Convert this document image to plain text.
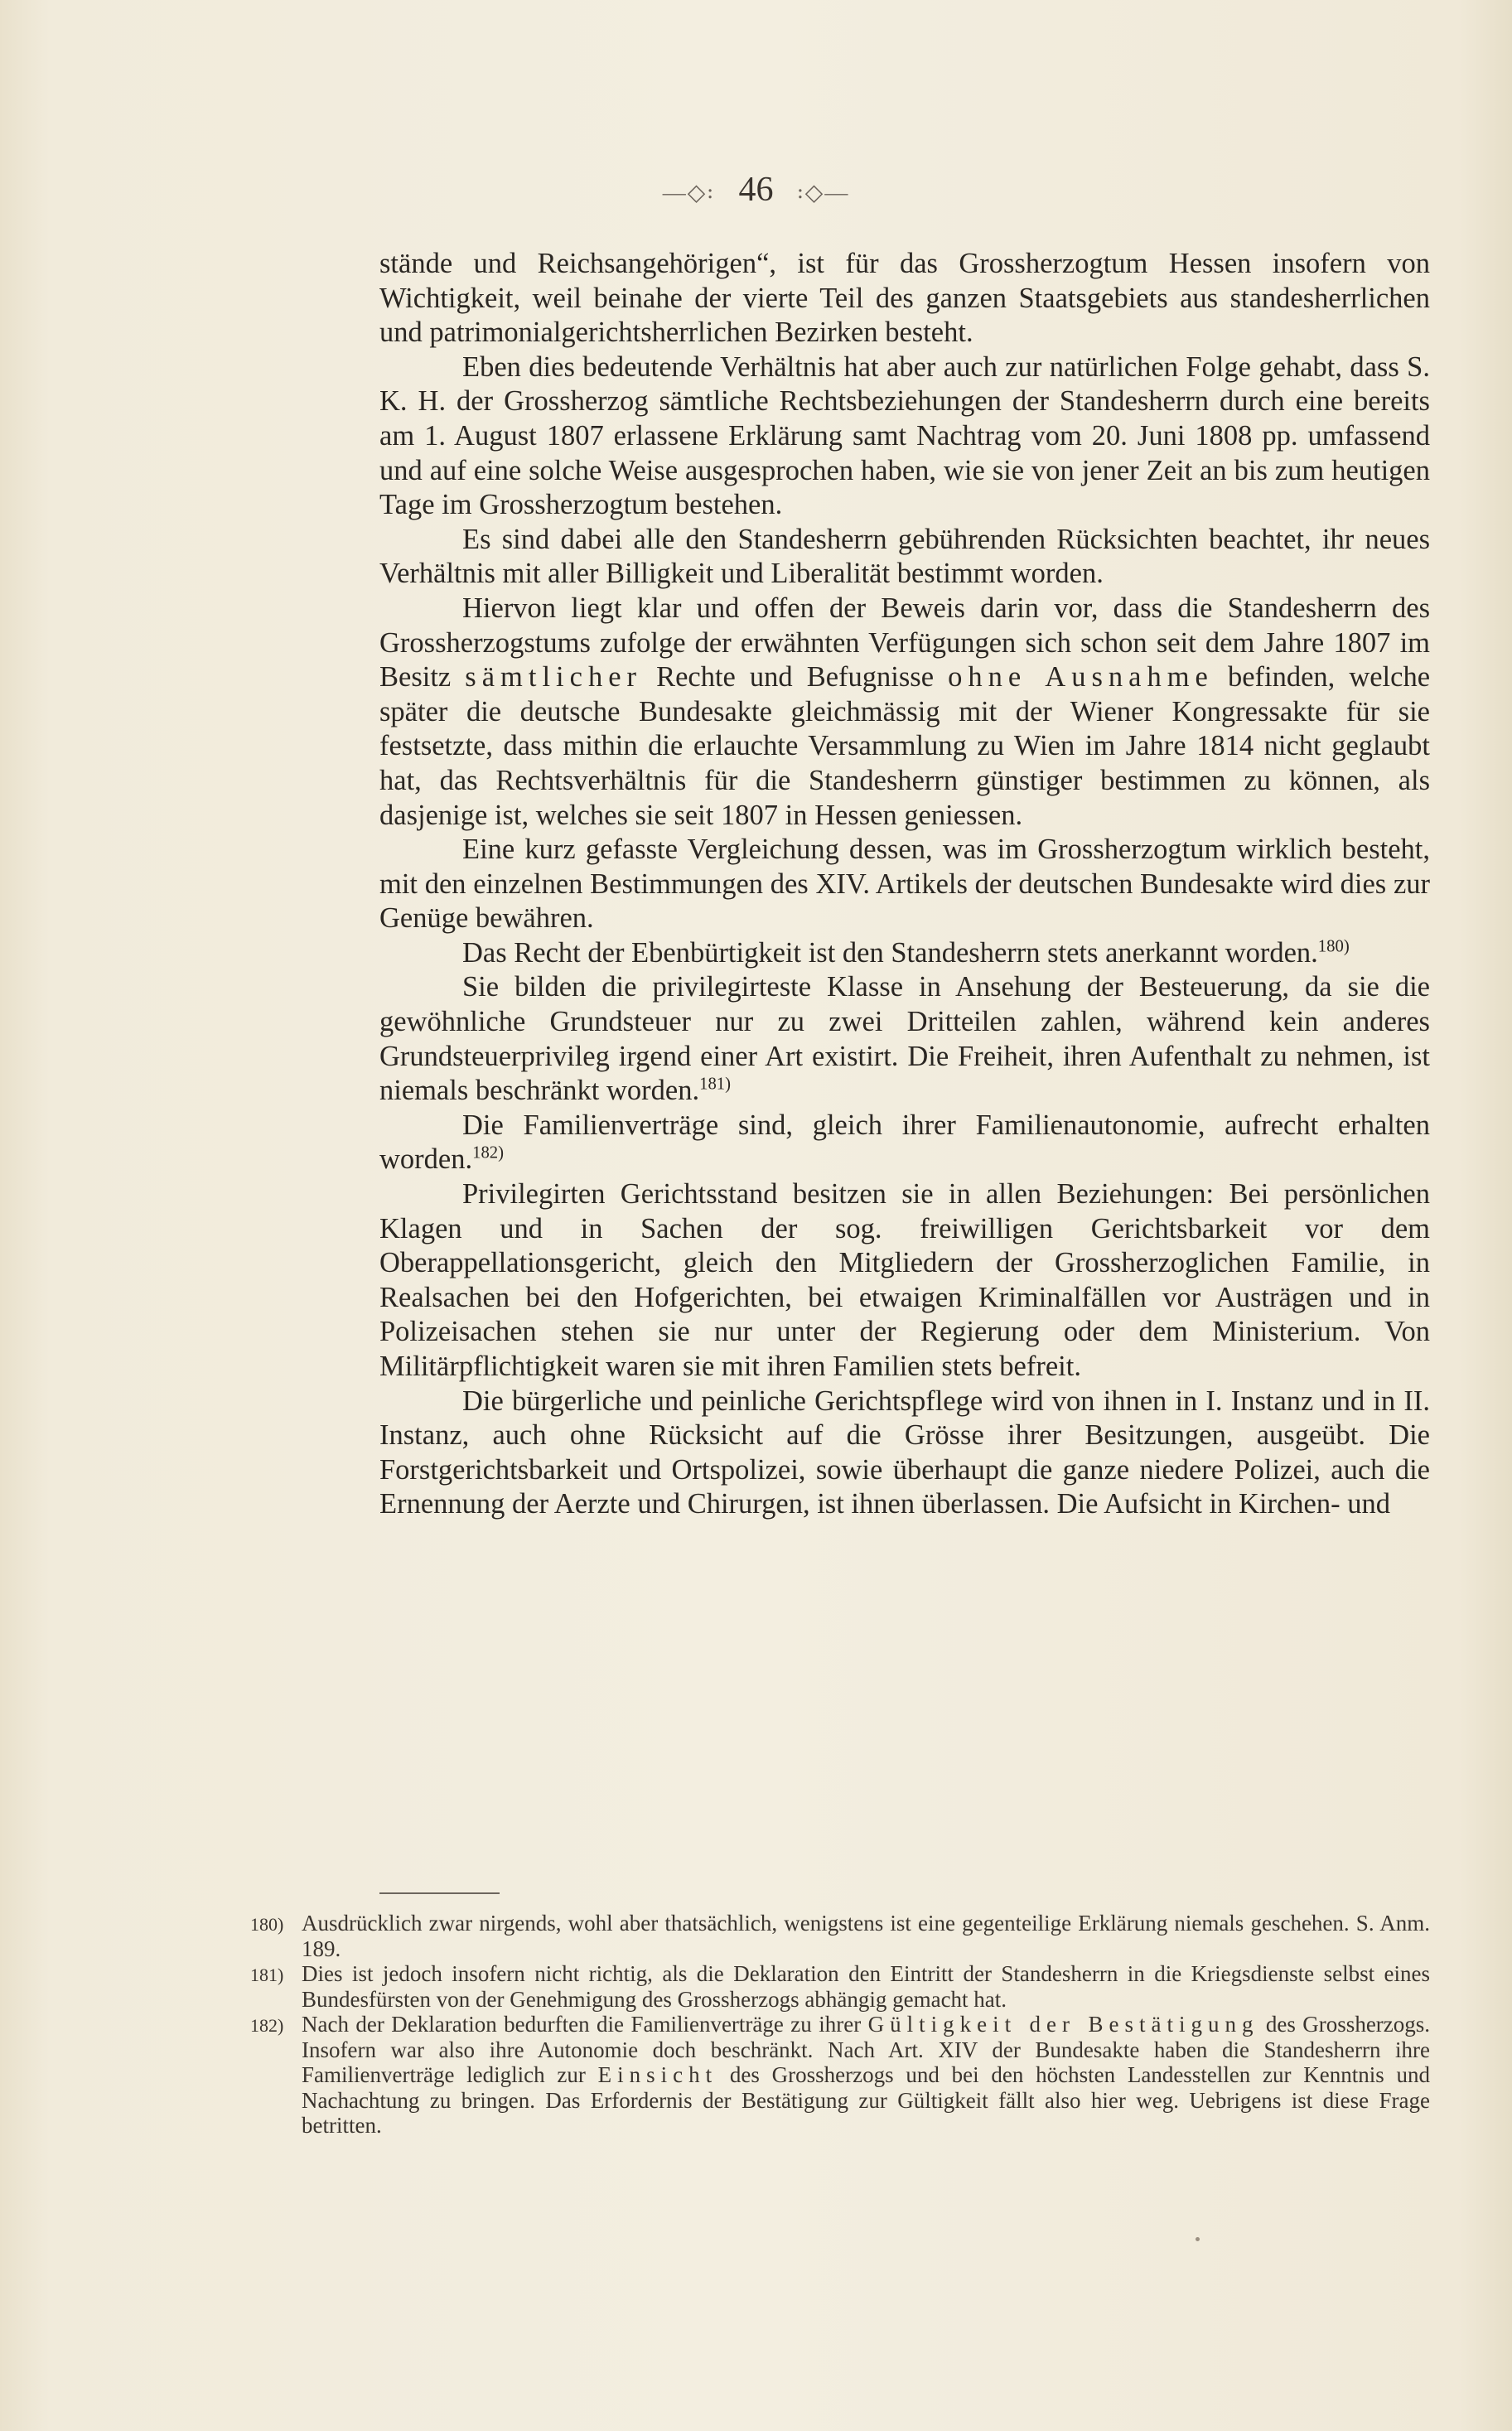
—◇꞉ 46 ꞉◇—

stände und Reichsangehörigen“, ist für das Grossherzogtum Hessen insofern von Wichtigkeit, weil beinahe der vierte Teil des ganzen Staatsgebiets aus standesherrlichen und patrimonialgerichtsherrlichen Bezirken besteht.

Eben dies bedeutende Verhältnis hat aber auch zur natürlichen Folge gehabt, dass S. K. H. der Grossherzog sämtliche Rechtsbeziehungen der Standesherrn durch eine bereits am 1. August 1807 erlassene Erklärung samt Nachtrag vom 20. Juni 1808 pp. umfassend und auf eine solche Weise ausgesprochen haben, wie sie von jener Zeit an bis zum heutigen Tage im Grossherzogtum bestehen.

Es sind dabei alle den Standesherrn gebührenden Rücksichten beachtet, ihr neues Verhältnis mit aller Billigkeit und Liberalität bestimmt worden.

Hiervon liegt klar und offen der Beweis darin vor, dass die Standesherrn des Grossherzogstums zufolge der erwähnten Verfügungen sich schon seit dem Jahre 1807 im Besitz sämtlicher Rechte und Befugnisse ohne Ausnahme befinden, welche später die deutsche Bundesakte gleichmässig mit der Wiener Kongressakte für sie festsetzte, dass mithin die erlauchte Versammlung zu Wien im Jahre 1814 nicht geglaubt hat, das Rechtsverhältnis für die Standesherrn günstiger bestimmen zu können, als dasjenige ist, welches sie seit 1807 in Hessen geniessen.

Eine kurz gefasste Vergleichung dessen, was im Grossherzogtum wirklich besteht, mit den einzelnen Bestimmungen des XIV. Artikels der deutschen Bundesakte wird dies zur Genüge bewähren.

Das Recht der Ebenbürtigkeit ist den Standesherrn stets anerkannt worden.$^{180)}$

Sie bilden die privilegirteste Klasse in Ansehung der Besteuerung, da sie die gewöhnliche Grundsteuer nur zu zwei Dritteilen zahlen, während kein anderes Grundsteuerprivileg irgend einer Art existirt. Die Freiheit, ihren Aufenthalt zu nehmen, ist niemals beschränkt worden.$^{181)}$

Die Familienverträge sind, gleich ihrer Familienautonomie, aufrecht erhalten worden.$^{182)}$

Privilegirten Gerichtsstand besitzen sie in allen Beziehungen: Bei persönlichen Klagen und in Sachen der sog. freiwilligen Gerichtsbarkeit vor dem Oberappellationsgericht, gleich den Mitgliedern der Grossherzoglichen Familie, in Realsachen bei den Hofgerichten, bei etwaigen Kriminalfällen vor Austrägen und in Polizeisachen stehen sie nur unter der Regierung oder dem Ministerium. Von Militärpflichtigkeit waren sie mit ihren Familien stets befreit.

Die bürgerliche und peinliche Gerichtspflege wird von ihnen in I. Instanz und in II. Instanz, auch ohne Rücksicht auf die Grösse ihrer Besitzungen, ausgeübt. Die Forstgerichtsbarkeit und Ortspolizei, sowie überhaupt die ganze niedere Polizei, auch die Ernennung der Aerzte und Chirurgen, ist ihnen überlassen. Die Aufsicht in Kirchen- und

180) Ausdrücklich zwar nirgends, wohl aber thatsächlich, wenigstens ist eine gegenteilige Erklärung niemals geschehen. S. Anm. 189.
181) Dies ist jedoch insofern nicht richtig, als die Deklaration den Eintritt der Standesherrn in die Kriegsdienste selbst eines Bundesfürsten von der Genehmigung des Grossherzogs abhängig gemacht hat.
182) Nach der Deklaration bedurften die Familienverträge zu ihrer Gültigkeit der Bestätigung des Grossherzogs. Insofern war also ihre Autonomie doch beschränkt. Nach Art. XIV der Bundesakte haben die Standesherrn ihre Familienverträge lediglich zur Einsicht des Grossherzogs und bei den höchsten Landesstellen zur Kenntnis und Nachachtung zu bringen. Das Erfordernis der Bestätigung zur Gültigkeit fällt also hier weg. Uebrigens ist diese Frage betritten.
